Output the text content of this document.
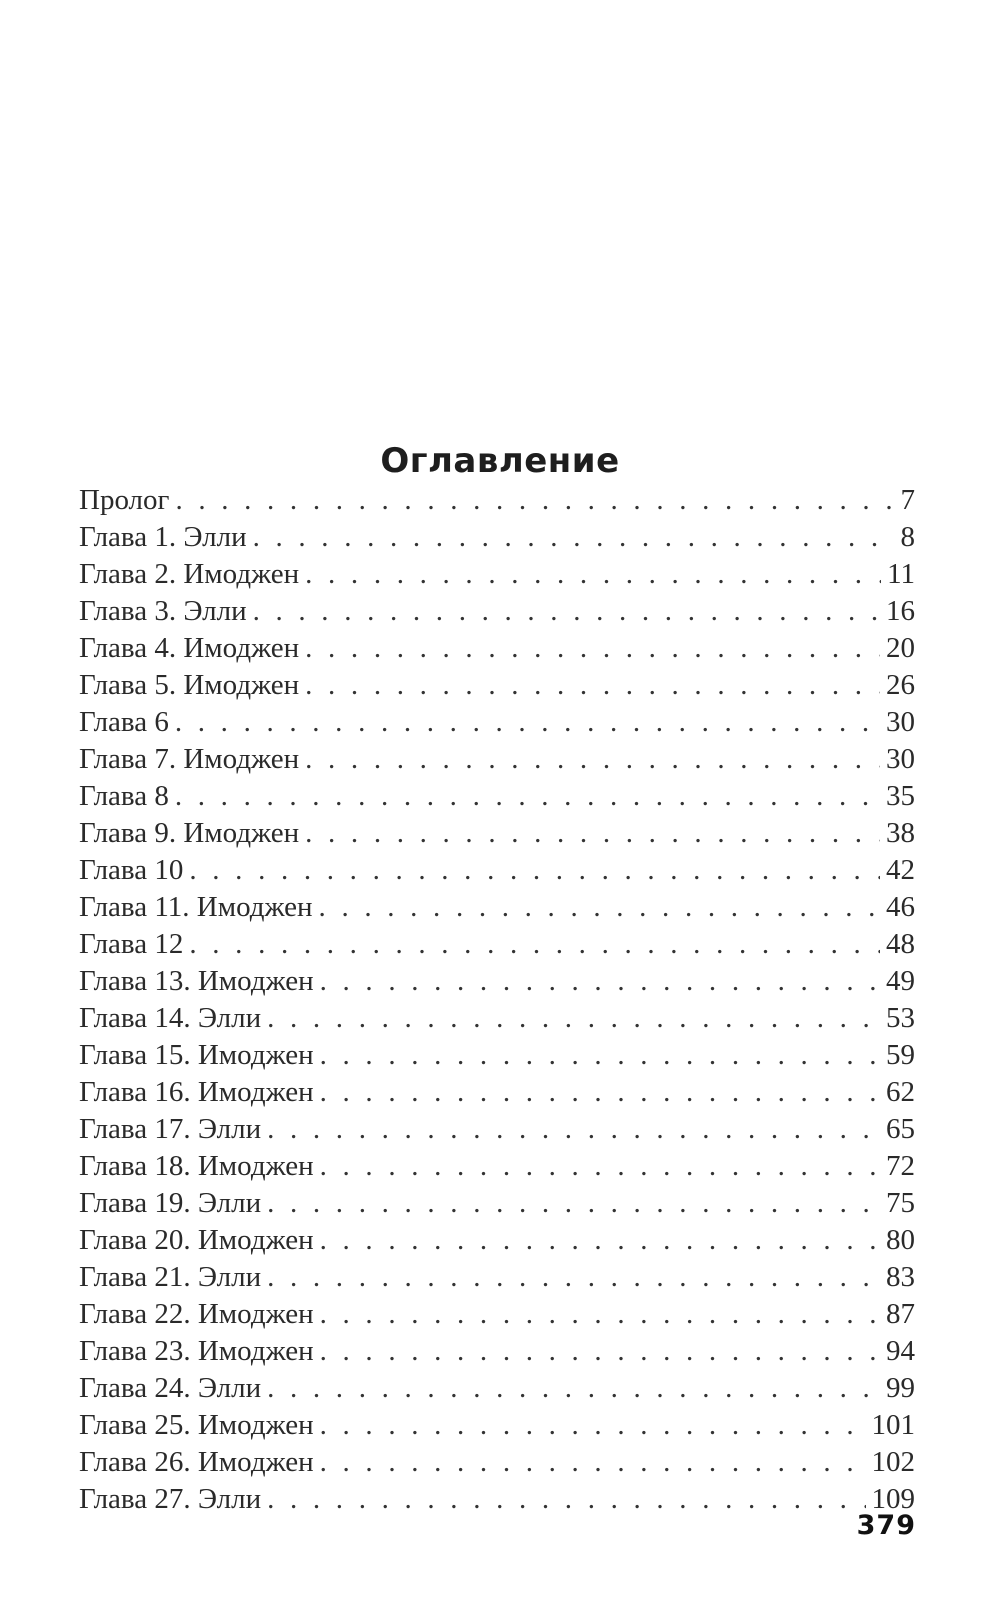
Оглавление
Пролог . . .	7
Глава 1. Элли . . .	8
Глава 2. Имоджен . . .	11
Глава 3. Элли . . .	16
Глава 4. Имоджен . . .	20
Глава 5. Имоджен . . .	26
Глава 6 . . .	30
Глава 7. Имоджен . . .	30
Глава 8 . . .	35
Глава 9. Имоджен . . .	38
Глава 10 . . .	42
Глава 11. Имоджен . . .	46
Глава 12 . . .	48
Глава 13. Имоджен . . .	49
Глава 14. Элли . . .	53
Глава 15. Имоджен . . .	59
Глава 16. Имоджен . . .	62
Глава 17. Элли . . .	65
Глава 18. Имоджен . . .	72
Глава 19. Элли . . .	75
Глава 20. Имоджен . . .	80
Глава 21. Элли . . .	83
Глава 22. Имоджен . . .	87
Глава 23. Имоджен . . .	94
Глава 24. Элли . . .	99
Глава 25. Имоджен . . .	101
Глава 26. Имоджен . . .	102
Глава 27. Элли . . .	109
379
